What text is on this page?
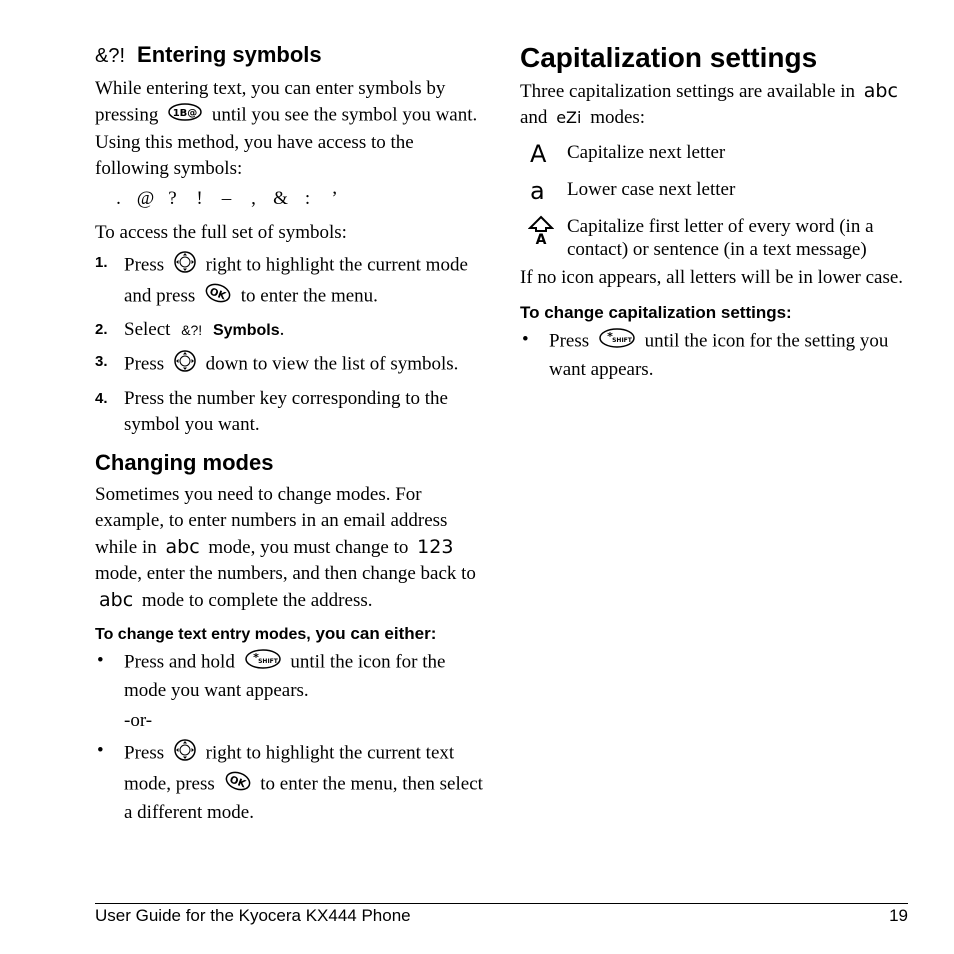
&?! Entering symbols
While entering text, you can enter symbols by pressing 1B@ until you see the symbol you want. Using this method, you have access to the following symbols:
. @ ? ! – , & : ’
To access the full set of symbols:
1. Press right to highlight the current mode and press OK to enter the menu.
2. Select &?! Symbols.
3. Press down to view the list of symbols.
4. Press the number key corresponding to the symbol you want.
Changing modes
Sometimes you need to change modes. For example, to enter numbers in an email address while in abc mode, you must change to 123 mode, enter the numbers, and then change back to abc mode to complete the address.
To change text entry modes, you can either:
• Press and hold * SHIFT until the icon for the mode you want appears.
-or-
• Press right to highlight the current text mode, press OK to enter the menu, then select a different mode.
Capitalization settings
Three capitalization settings are available in abc and eZi modes:
A Capitalize next letter
a Lower case next letter
A
Capitalize first letter of every word (in a contact) or sentence (in a text message)
If no icon appears, all letters will be in lower case.
To change capitalization settings:
• Press * SHIFT until the icon for the setting you want appears.
User Guide for the Kyocera KX444 Phone	19
